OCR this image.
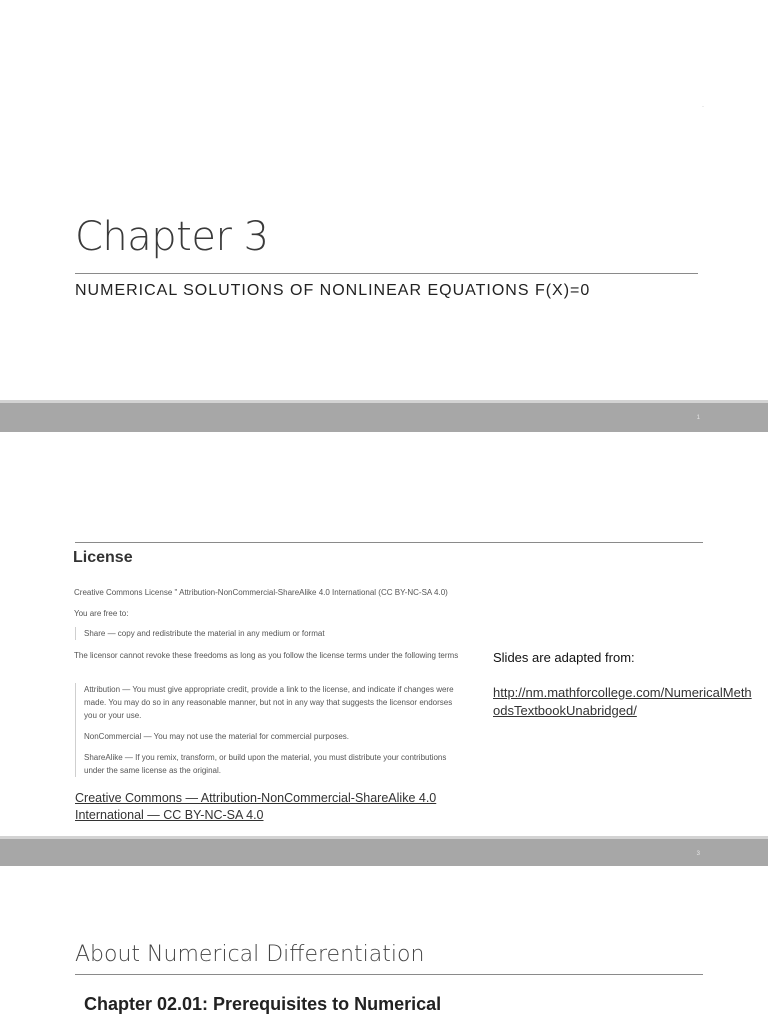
·
Chapter 3
NUMERICAL SOLUTIONS OF NONLINEAR EQUATIONS F(X)=0
1
License
Creative Commons License " Attribution-NonCommercial-ShareAlike 4.0 International (CC BY-NC-SA 4.0)
You are free to:
Share — copy and redistribute the material in any medium or format
The licensor cannot revoke these freedoms as long as you follow the license terms under the following terms
Attribution — You must give appropriate credit, provide a link to the license, and indicate if changes were made. You may do so in any reasonable manner, but not in any way that suggests the licensor endorses you or your use.
NonCommercial — You may not use the material for commercial purposes.
ShareAlike — If you remix, transform, or build upon the material, you must distribute your contributions under the same license as the original.
Creative Commons — Attribution-NonCommercial-ShareAlike 4.0 International — CC BY-NC-SA 4.0
Slides are adapted from:
http://nm.mathforcollege.com/NumericalMethodsTextbookUnabridged/
3
About Numerical Differentiation
Chapter 02.01: Prerequisites to Numerical
